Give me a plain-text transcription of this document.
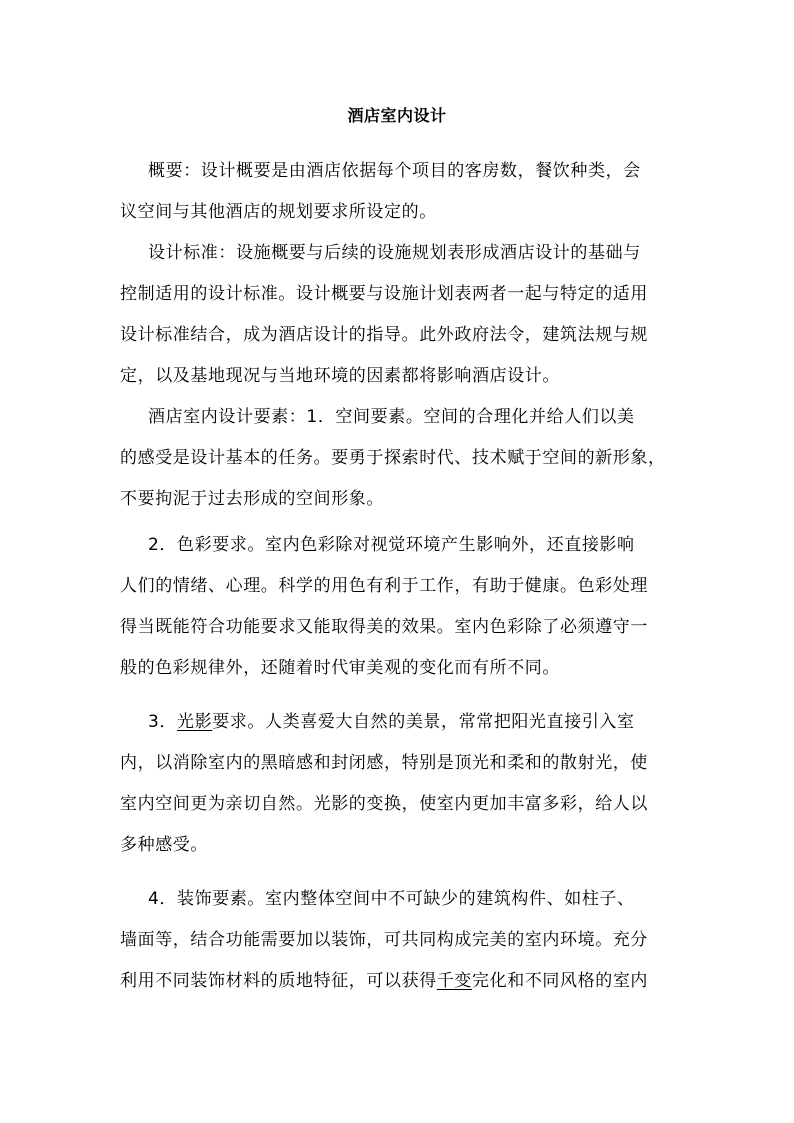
酒店室内设计
概要：设计概要是由酒店依据每个项目的客房数，餐饮种类，会
议空间与其他酒店的规划要求所设定的。
设计标准：设施概要与后续的设施规划表形成酒店设计的基础与
控制适用的设计标准。设计概要与设施计划表两者一起与特定的适用
设计标准结合，成为酒店设计的指导。此外政府法令，建筑法规与规
定，以及基地现况与当地环境的因素都将影响酒店设计。
酒店室内设计要素：1．空间要素。空间的合理化并给人们以美
的感受是设计基本的任务。要勇于探索时代、技术赋于空间的新形象，
不要拘泥于过去形成的空间形象。
2．色彩要求。室内色彩除对视觉环境产生影响外，还直接影响
人们的情绪、心理。科学的用色有利于工作，有助于健康。色彩处理
得当既能符合功能要求又能取得美的效果。室内色彩除了必须遵守一
般的色彩规律外，还随着时代审美观的变化而有所不同。
3．光影要求。人类喜爱大自然的美景，常常把阳光直接引入室
内，以消除室内的黑暗感和封闭感，特别是顶光和柔和的散射光，使
室内空间更为亲切自然。光影的变换，使室内更加丰富多彩，给人以
多种感受。
4．装饰要素。室内整体空间中不可缺少的建筑构件、如柱子、
墙面等，结合功能需要加以装饰，可共同构成完美的室内环境。充分
利用不同装饰材料的质地特征，可以获得千变完化和不同风格的室内
